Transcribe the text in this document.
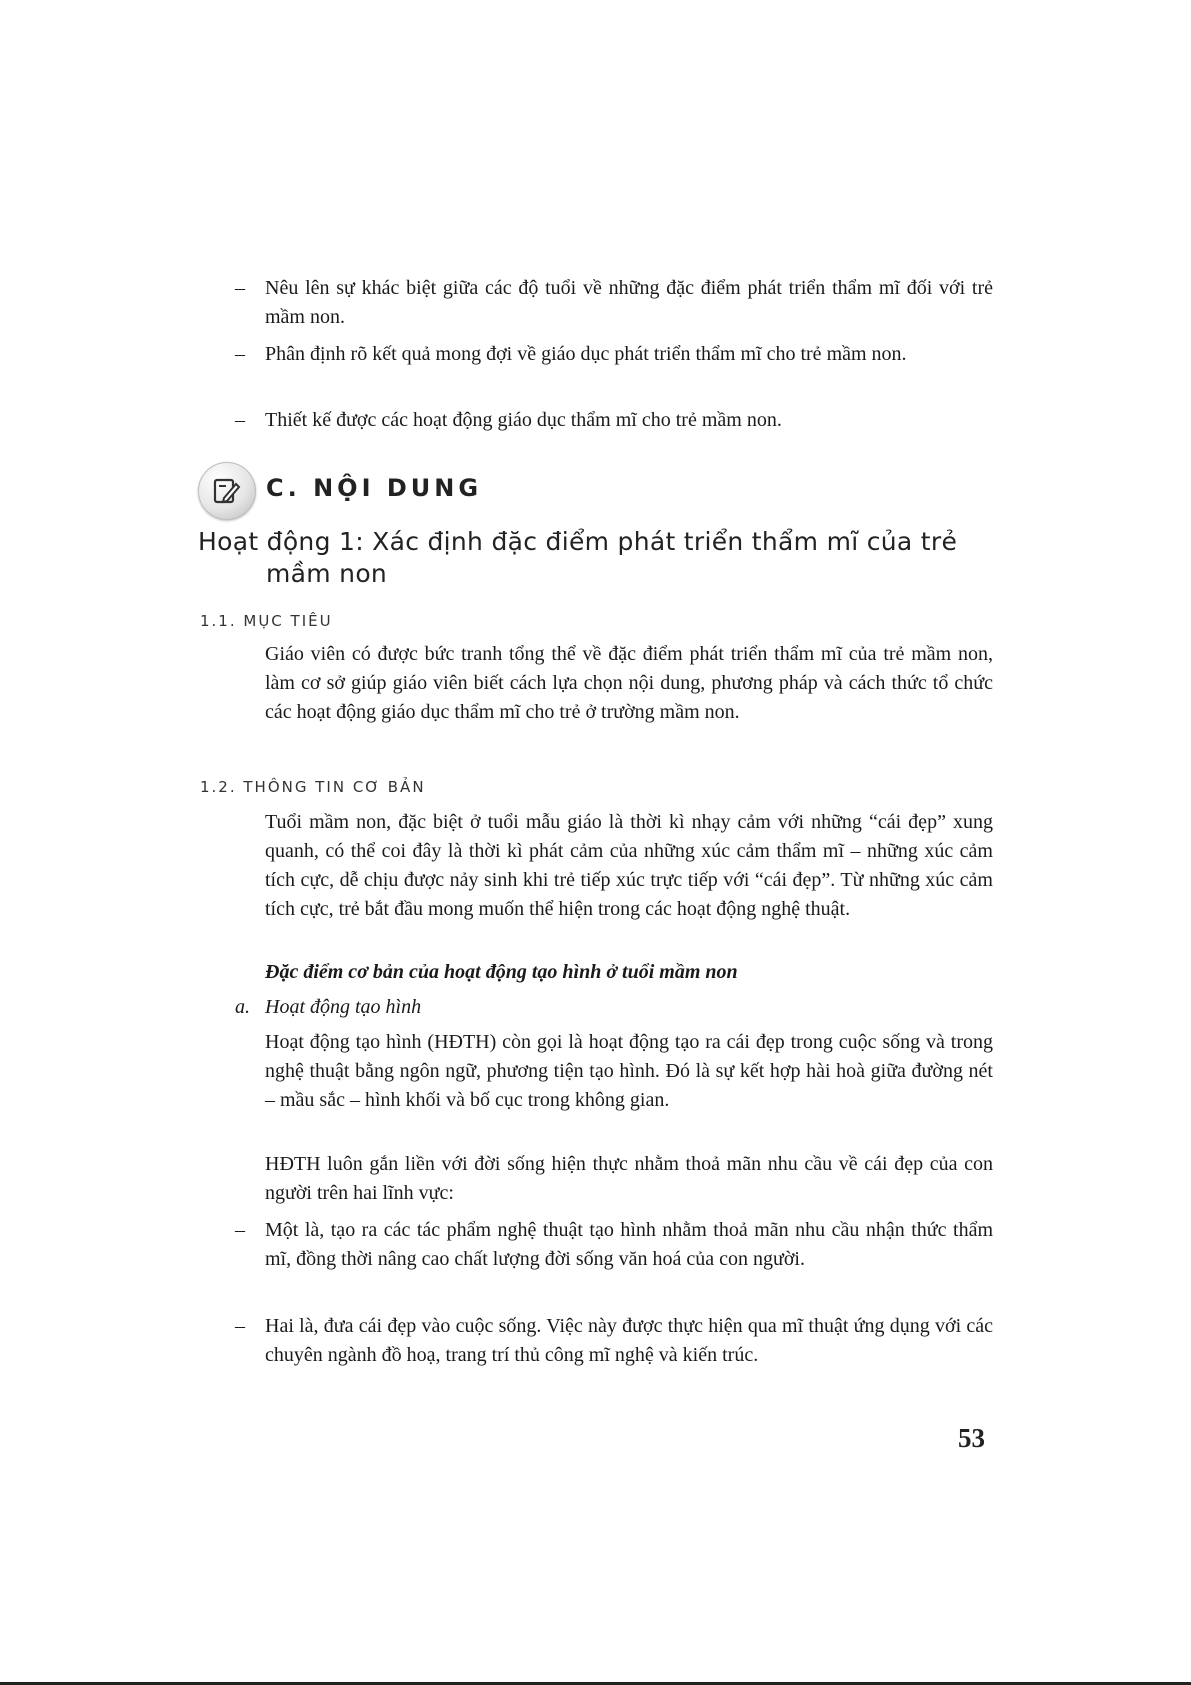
–	Nêu lên sự khác biệt giữa các độ tuổi về những đặc điểm phát triển thẩm mĩ đối với trẻ mầm non.
–	Phân định rõ kết quả mong đợi về giáo dục phát triển thẩm mĩ cho trẻ mầm non.
–	Thiết kế được các hoạt động giáo dục thẩm mĩ cho trẻ mầm non.
C. NỘI DUNG
Hoạt động 1: Xác định đặc điểm phát triển thẩm mĩ của trẻ
mầm non
1.1. MỤC TIÊU
Giáo viên có được bức tranh tổng thể về đặc điểm phát triển thẩm mĩ của trẻ mầm non, làm cơ sở giúp giáo viên biết cách lựa chọn nội dung, phương pháp và cách thức tổ chức các hoạt động giáo dục thẩm mĩ cho trẻ ở trường mầm non.
1.2. THÔNG TIN CƠ BẢN
Tuổi mầm non, đặc biệt ở tuổi mẫu giáo là thời kì nhạy cảm với những “cái đẹp” xung quanh, có thể coi đây là thời kì phát cảm của những xúc cảm thẩm mĩ – những xúc cảm tích cực, dễ chịu được nảy sinh khi trẻ tiếp xúc trực tiếp với “cái đẹp”. Từ những xúc cảm tích cực, trẻ bắt đầu mong muốn thể hiện trong các hoạt động nghệ thuật.
Đặc điểm cơ bản của hoạt động tạo hình ở tuổi mầm non
a. Hoạt động tạo hình
Hoạt động tạo hình (HĐTH) còn gọi là hoạt động tạo ra cái đẹp trong cuộc sống và trong nghệ thuật bằng ngôn ngữ, phương tiện tạo hình. Đó là sự kết hợp hài hoà giữa đường nét – mầu sắc – hình khối và bố cục trong không gian.
HĐTH luôn gắn liền với đời sống hiện thực nhằm thoả mãn nhu cầu về cái đẹp của con người trên hai lĩnh vực:
–	Một là, tạo ra các tác phẩm nghệ thuật tạo hình nhằm thoả mãn nhu cầu nhận thức thẩm mĩ, đồng thời nâng cao chất lượng đời sống văn hoá của con người.
–	Hai là, đưa cái đẹp vào cuộc sống. Việc này được thực hiện qua mĩ thuật ứng dụng với các chuyên ngành đồ hoạ, trang trí thủ công mĩ nghệ và kiến trúc.
53
